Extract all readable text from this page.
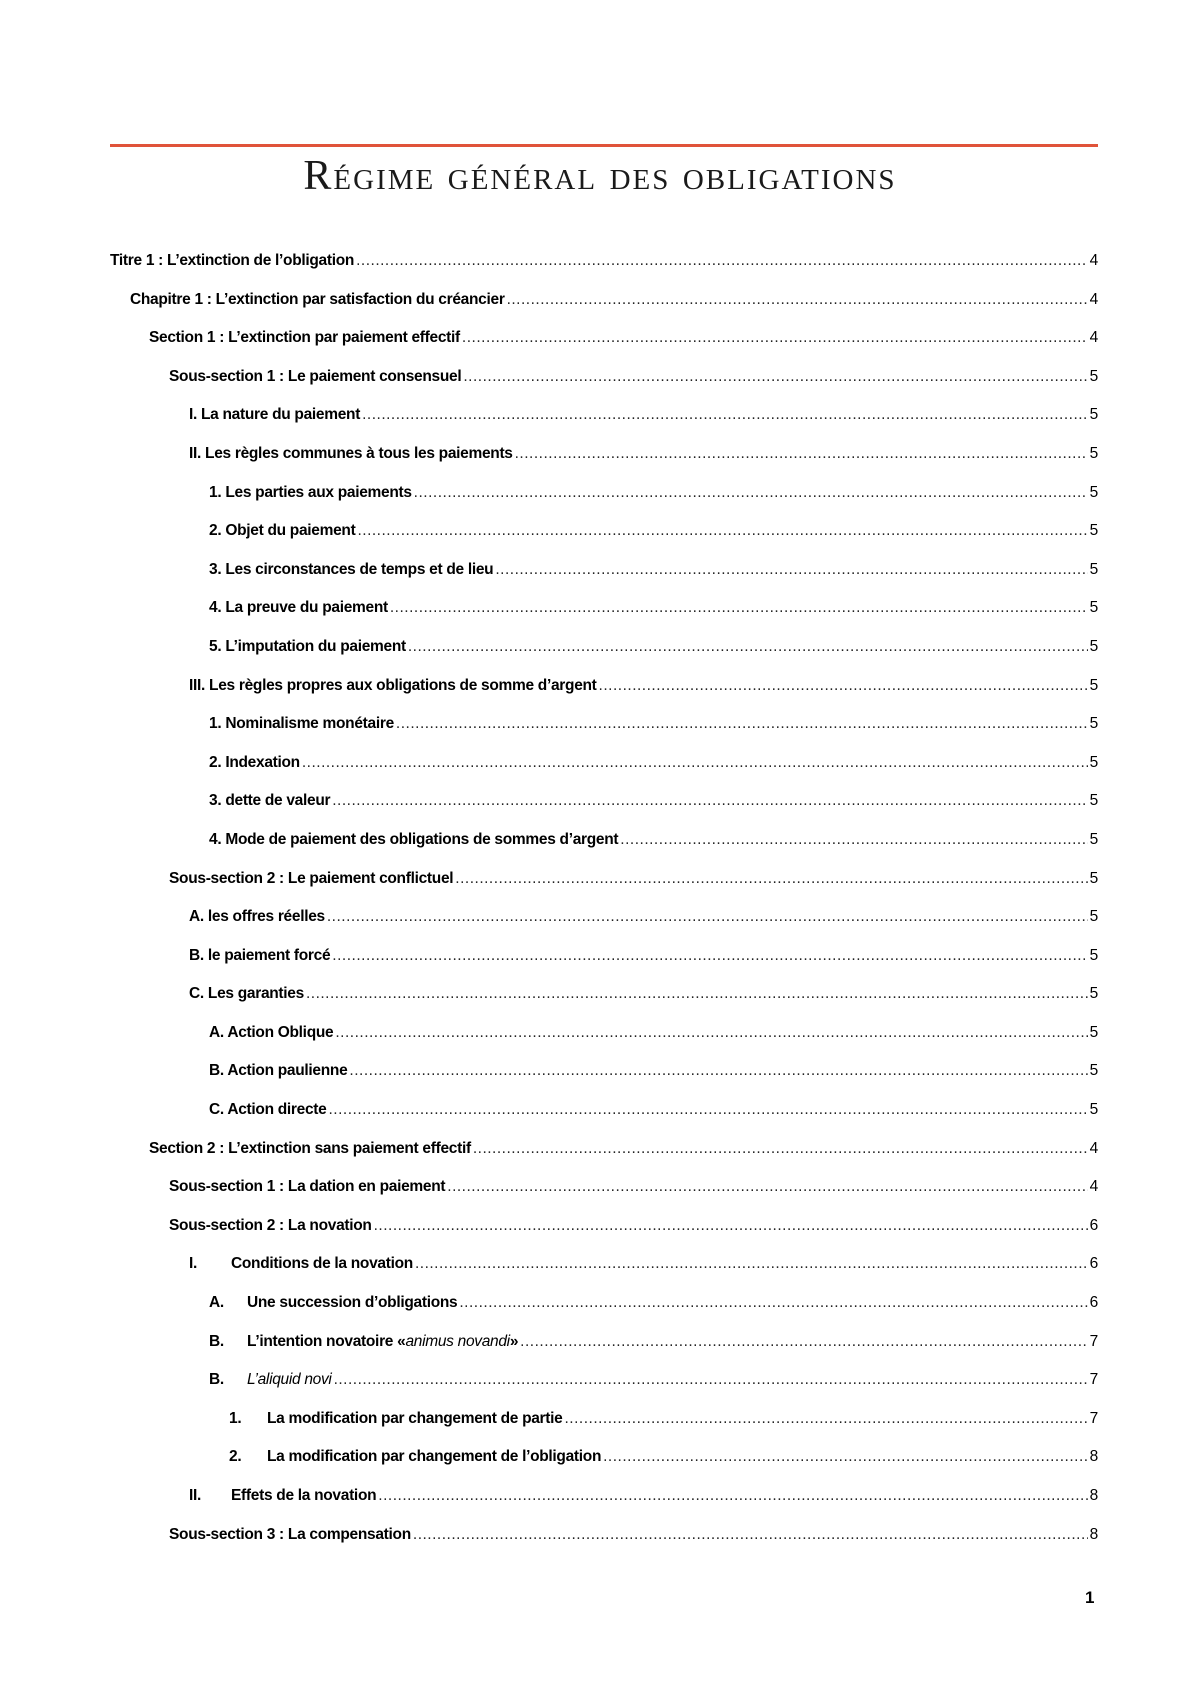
Régime général des obligations
Titre 1 : L’extinction de l’obligation .....	4
Chapitre 1 : L’extinction par satisfaction du créancier .....	4
Section 1 : L’extinction par paiement effectif .....	4
Sous-section 1 : Le paiement consensuel .....	5
I. La nature du paiement .....	5
II. Les règles communes à tous les paiements .....	5
1. Les parties aux paiements .....	5
2. Objet du paiement .....	5
3. Les circonstances de temps et de lieu .....	5
4. La preuve du paiement .....	5
5. L’imputation du paiement .....	5
III. Les règles propres aux obligations de somme d’argent .....	5
1. Nominalisme monétaire .....	5
2. Indexation .....	5
3. dette de valeur .....	5
4. Mode de paiement des obligations de sommes d’argent .....	5
Sous-section 2 : Le paiement conflictuel .....	5
A. les offres réelles .....	5
B. le paiement forcé .....	5
C. Les garanties .....	5
A. Action Oblique .....	5
B. Action paulienne .....	5
C. Action directe .....	5
Section 2 : L’extinction sans paiement effectif .....	4
Sous-section 1 : La dation en paiement .....	4
Sous-section 2 : La novation .....	6
I.	Conditions de la novation .....	6
A.	Une succession d’obligations .....	6
B.	L’intention novatoire « animus novandi » .....	7
B.	L’aliquid novi .....	7
1.	La modification par changement de partie .....	7
2.	La modification par changement de l’obligation .....	8
II.	Effets de la novation .....	8
Sous-section 3 : La compensation .....	8
1
